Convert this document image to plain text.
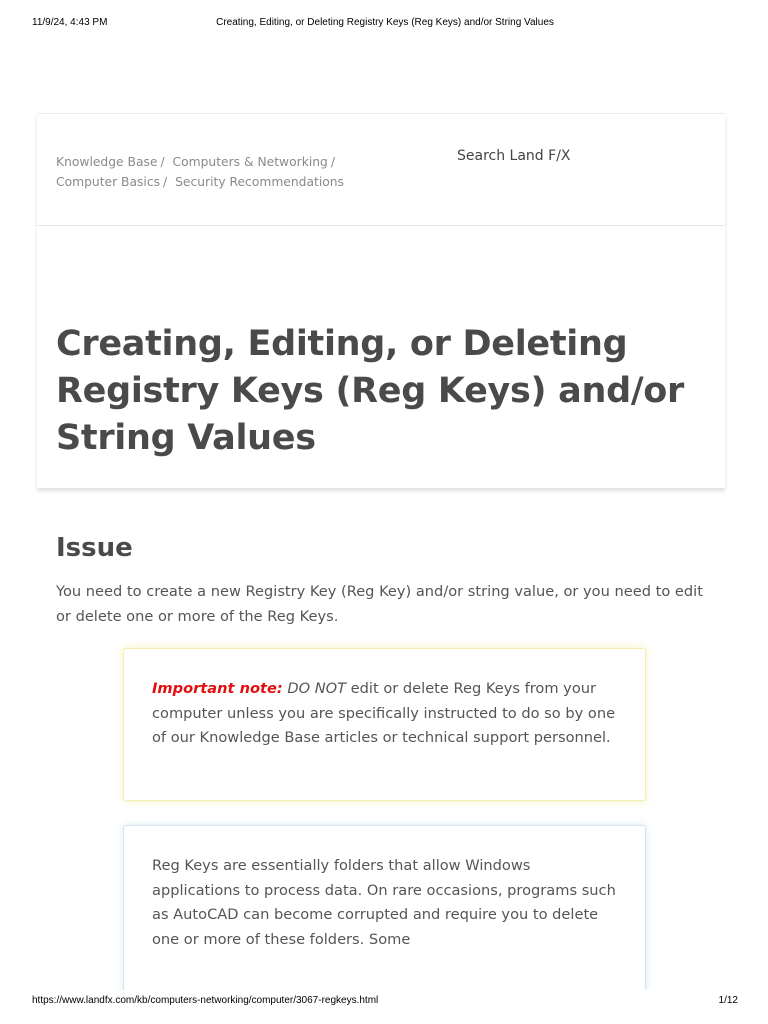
11/9/24, 4:43 PM	Creating, Editing, or Deleting Registry Keys (Reg Keys) and/or String Values
Knowledge Base / Computers & Networking /
Computer Basics / Security Recommendations
Search Land F/X
Creating, Editing, or Deleting Registry Keys (Reg Keys) and/or String Values
Issue

You need to create a new Registry Key (Reg Key) and/or string value, or you need to edit or delete one or more of the Reg Keys.

Important note: DO NOT edit or delete Reg Keys from your computer unless you are specifically instructed to do so by one of our Knowledge Base articles or technical support personnel.

Reg Keys are essentially folders that allow Windows applications to process data. On rare occasions, programs such as AutoCAD can become corrupted and require you to delete one or more of these folders. Some

https://www.landfx.com/kb/computers-networking/computer/3067-regkeys.html	1/12
